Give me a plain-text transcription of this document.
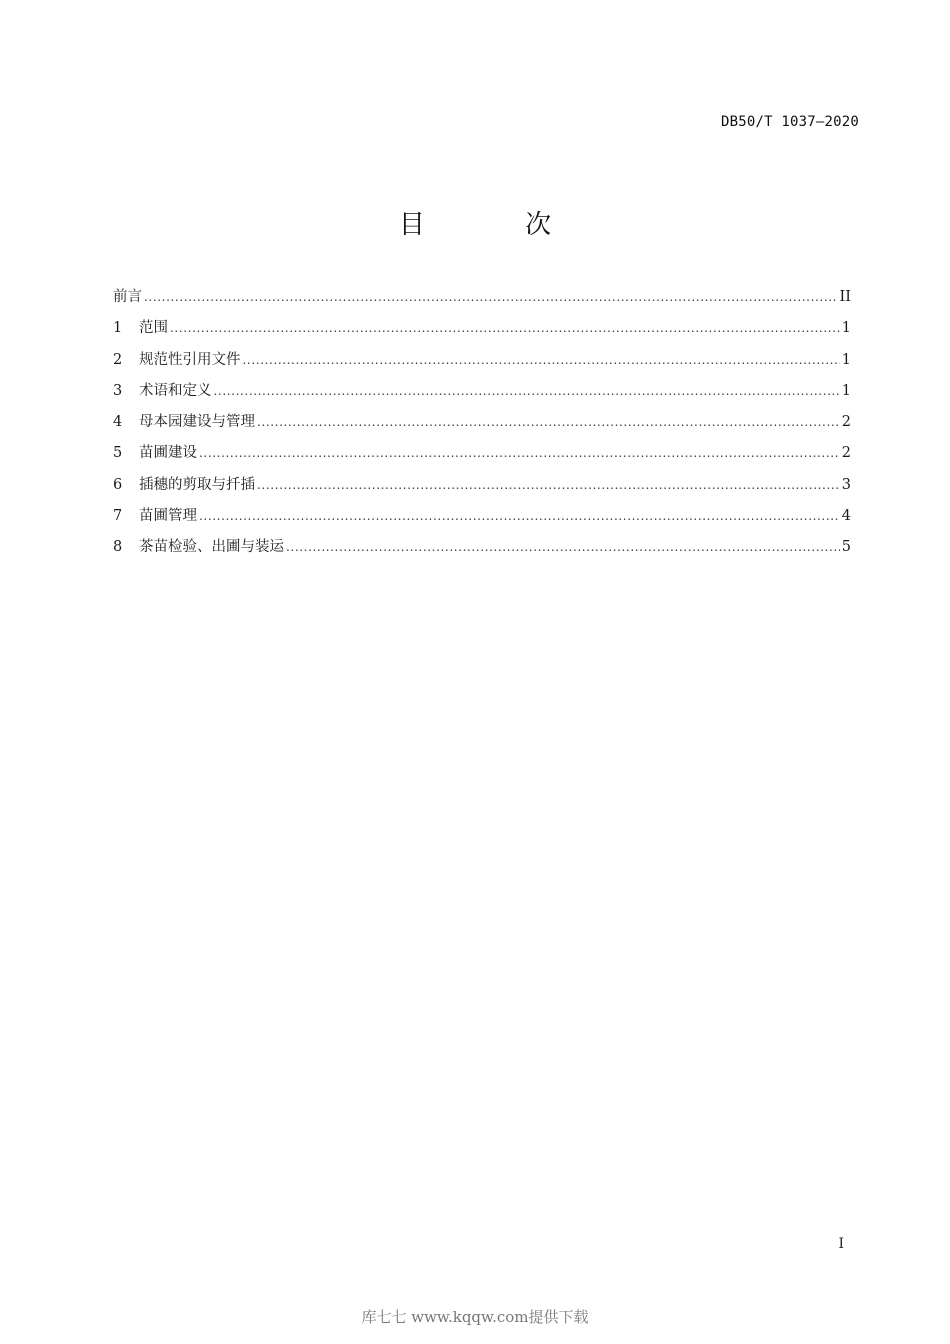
DB50/T 1037—2020
目 次
前言 .....	II
1	范围 .....	1
2	规范性引用文件 .....	1
3	术语和定义 .....	1
4	母本园建设与管理 .....	2
5	苗圃建设 .....	2
6	插穗的剪取与扦插 .....	3
7	苗圃管理 .....	4
8	茶苗检验、出圃与装运 .....	5
I
库七七 www.kqqw.com提供下载
